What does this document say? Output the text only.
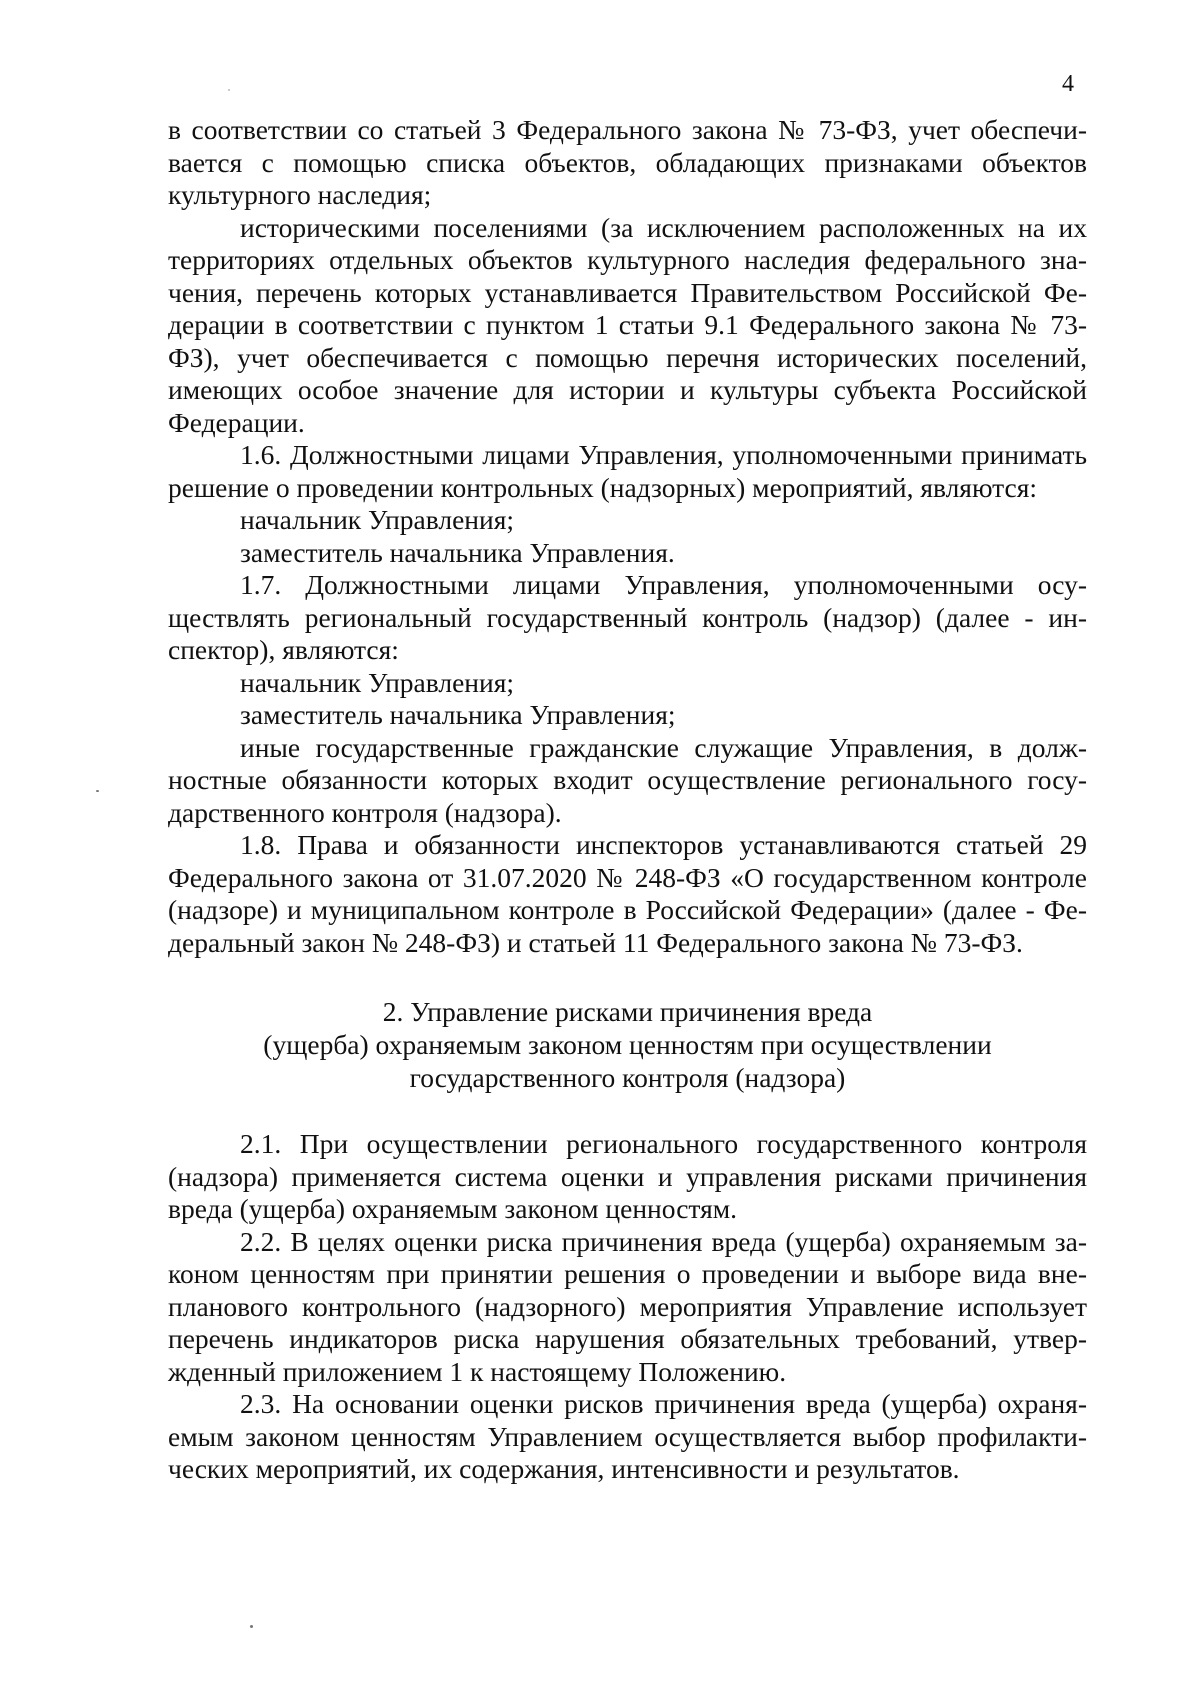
4

в соответствии со статьей 3 Федерального закона № 73-ФЗ, учет обеспечивается с помощью списка объектов, обладающих признаками объектов культурного наследия;

историческими поселениями (за исключением расположенных на их территориях отдельных объектов культурного наследия федерального значения, перечень которых устанавливается Правительством Российской Федерации в соответствии с пунктом 1 статьи 9.1 Федерального закона № 73-ФЗ), учет обеспечивается с помощью перечня исторических поселений, имеющих особое значение для истории и культуры субъекта Российской Федерации.

1.6. Должностными лицами Управления, уполномоченными принимать решение о проведении контрольных (надзорных) мероприятий, являются:

начальник Управления;

заместитель начальника Управления.

1.7. Должностными лицами Управления, уполномоченными осуществлять региональный государственный контроль (надзор) (далее - инспектор), являются:

начальник Управления;

заместитель начальника Управления;

иные государственные гражданские служащие Управления, в должностные обязанности которых входит осуществление регионального государственного контроля (надзора).

1.8. Права и обязанности инспекторов устанавливаются статьей 29 Федерального закона от 31.07.2020 № 248-ФЗ «О государственном контроле (надзоре) и муниципальном контроле в Российской Федерации» (далее - Федеральный закон № 248-ФЗ) и статьей 11 Федерального закона № 73-ФЗ.

2. Управление рисками причинения вреда
(ущерба) охраняемым законом ценностям при осуществлении
государственного контроля (надзора)

2.1. При осуществлении регионального государственного контроля (надзора) применяется система оценки и управления рисками причинения вреда (ущерба) охраняемым законом ценностям.

2.2. В целях оценки риска причинения вреда (ущерба) охраняемым законом ценностям при принятии решения о проведении и выборе вида внепланового контрольного (надзорного) мероприятия Управление использует перечень индикаторов риска нарушения обязательных требований, утвержденный приложением 1 к настоящему Положению.

2.3. На основании оценки рисков причинения вреда (ущерба) охраняемым законом ценностям Управлением осуществляется выбор профилактических мероприятий, их содержания, интенсивности и результатов.
